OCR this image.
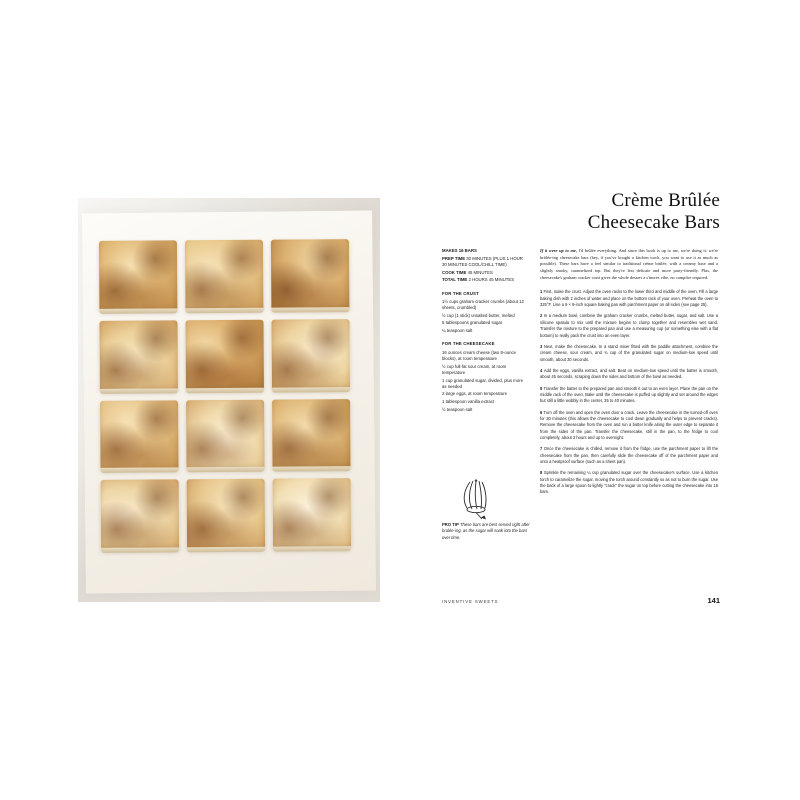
Crème Brûlée
Cheesecake Bars

MAKES 16 BARS

PREP TIME 30 MINUTES (PLUS 1 HOUR 30 MINUTES COOL/CHILL TIME)

COOK TIME 45 MINUTES

TOTAL TIME 2 HOURS 45 MINUTES

FOR THE CRUST

1½ cups graham cracker crumbs (about 12 sheets, crumbled)

½ cup (1 stick) unsalted butter, melted

5 tablespoons granulated sugar

¼ teaspoon salt

FOR THE CHEESECAKE

16 ounces cream cheese (two 8-ounce blocks), at room temperature

½ cup full-fat sour cream, at room temperature

1 cup granulated sugar, divided, plus more as needed

2 large eggs, at room temperature

1 tablespoon vanilla extract

½ teaspoon salt

PRO TIP These bars are best served right after brulée-ing, as the sugar will soak into the bars over time.

If it were up to me, I'd brûlée everything. And since this book is up to me, we're doing it: we're brûlée-ing cheesecake bars (hey, if you've bought a kitchen torch, you want to use it as much as possible). These bars have a feel similar to traditional crème brûlée, with a creamy base and a slightly smoky, caramelized top. But they're less delicate and more party-friendly. Plus, the cheesecake's graham cracker crust gives the whole dessert a s'mores vibe, no campfire required.

1 First, make the crust. Adjust the oven racks to the lower third and middle of the oven. Fill a large baking dish with 2 inches of water and place on the bottom rack of your oven. Preheat the oven to 325°F. Line a 9 × 9-inch square baking pan with parchment paper on all sides (see page 25).

2 In a medium bowl, combine the graham cracker crumbs, melted butter, sugar, and salt. Use a silicone spatula to mix until the mixture begins to clump together and resembles wet sand. Transfer the mixture to the prepared pan and use a measuring cup (or something else with a flat bottom) to really pack the crust into an even layer.

3 Next, make the cheesecake. In a stand mixer fitted with the paddle attachment, combine the cream cheese, sour cream, and ¾ cup of the granulated sugar on medium-low speed until smooth, about 30 seconds.

4 Add the eggs, vanilla extract, and salt. Beat on medium-low speed until the batter is smooth, about 45 seconds, scraping down the sides and bottom of the bowl as needed.

5 Transfer the batter to the prepared pan and smooth it out to an even layer. Place the pan on the middle rack of the oven. Bake until the cheesecake is puffed up slightly and set around the edges but still a little wobbly in the center, 35 to 40 minutes.

6 Turn off the oven and open the oven door a crack. Leave the cheesecake in the turned-off oven for 30 minutes (this allows the cheesecake to cool down gradually and helps to prevent cracks). Remove the cheesecake from the oven and run a butter knife along the outer edge to separate it from the sides of the pan. Transfer the cheesecake, still in the pan, to the fridge to cool completely, about 3 hours and up to overnight.

7 Once the cheesecake is chilled, remove it from the fridge, use the parchment paper to lift the cheesecake from the pan, then carefully slide the cheesecake off of the parchment paper and onto a heatproof surface (such as a sheet pan).

8 Sprinkle the remaining ¼ cup granulated sugar over the cheesecake's surface. Use a kitchen torch to caramelize the sugar, moving the torch around constantly so as not to burn the sugar. Use the back of a large spoon to lightly "crack" the sugar on top before cutting the cheesecake into 16 bars.

INVENTIVE SWEETS	141
